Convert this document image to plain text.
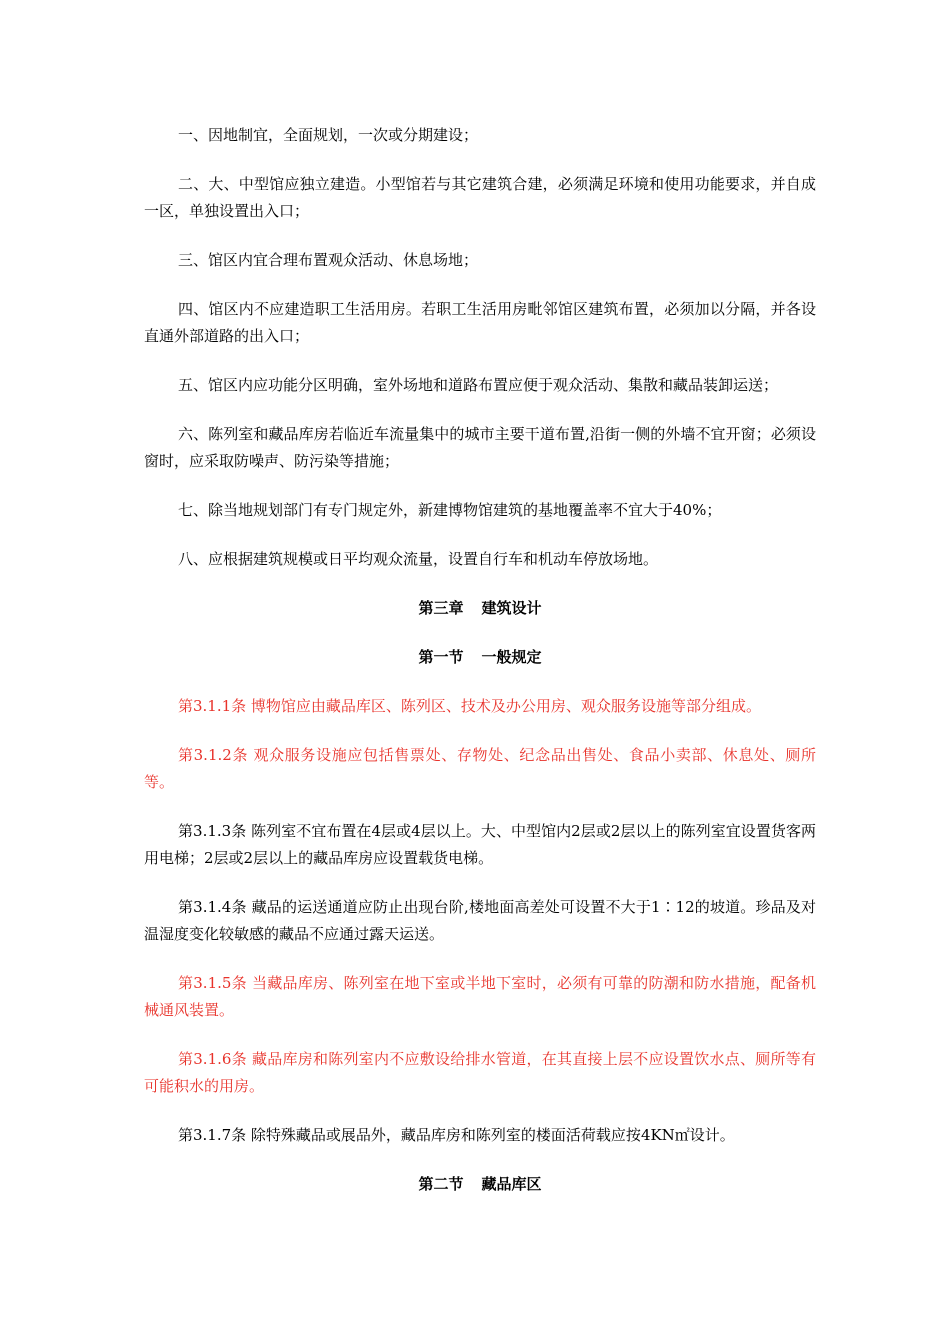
一、因地制宜，全面规划，一次或分期建设；

二、大、中型馆应独立建造。小型馆若与其它建筑合建，必须满足环境和使用功能要求，并自成一区，单独设置出入口；

三、馆区内宜合理布置观众活动、休息场地；

四、馆区内不应建造职工生活用房。若职工生活用房毗邻馆区建筑布置，必须加以分隔，并各设直通外部道路的出入口；

五、馆区内应功能分区明确，室外场地和道路布置应便于观众活动、集散和藏品装卸运送；

六、陈列室和藏品库房若临近车流量集中的城市主要干道布置,沿街一侧的外墙不宜开窗；必须设窗时，应采取防噪声、防污染等措施；

七、除当地规划部门有专门规定外，新建博物馆建筑的基地覆盖率不宜大于40%；

八、应根据建筑规模或日平均观众流量，设置自行车和机动车停放场地。

第三章 建筑设计
第一节 一般规定

第3.1.1条 博物馆应由藏品库区、陈列区、技术及办公用房、观众服务设施等部分组成。

第3.1.2条 观众服务设施应包括售票处、存物处、纪念品出售处、食品小卖部、休息处、厕所等。

第3.1.3条 陈列室不宜布置在4层或4层以上。大、中型馆内2层或2层以上的陈列室宜设置货客两用电梯；2层或2层以上的藏品库房应设置载货电梯。

第3.1.4条 藏品的运送通道应防止出现台阶,楼地面高差处可设置不大于1∶12的坡道。珍品及对温湿度变化较敏感的藏品不应通过露天运送。

第3.1.5条 当藏品库房、陈列室在地下室或半地下室时，必须有可靠的防潮和防水措施，配备机械通风装置。

第3.1.6条 藏品库房和陈列室内不应敷设给排水管道，在其直接上层不应设置饮水点、厕所等有可能积水的用房。

第3.1.7条 除特殊藏品或展品外，藏品库房和陈列室的楼面活荷载应按4KN㎡设计。

第二节 藏品库区
